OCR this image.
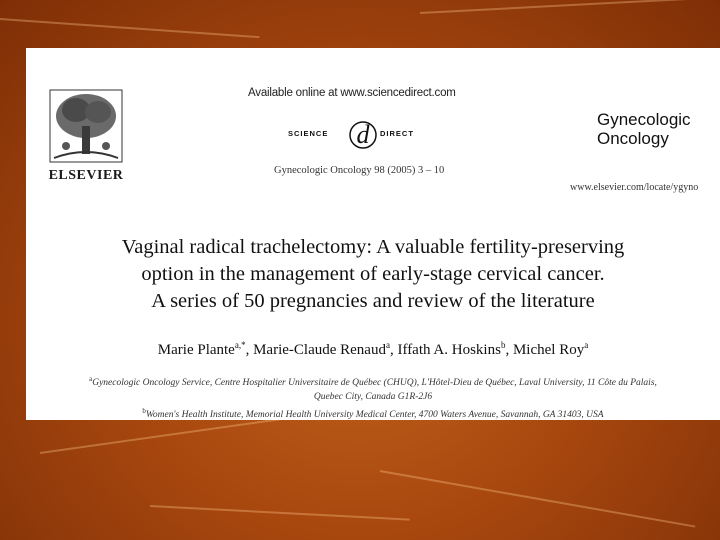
ELSEVIER
Available online at www.sciencedirect.com
SCIENCE d DIRECT
Gynecologic Oncology 98 (2005) 3 – 10
Gynecologic
Oncology
www.elsevier.com/locate/ygyno
Vaginal radical trachelectomy: A valuable fertility-preserving
option in the management of early-stage cervical cancer.
A series of 50 pregnancies and review of the literature
Marie Plante$^{a,*}$, Marie-Claude Renaud$^a$, Iffath A. Hoskins$^b$, Michel Roy$^a$
$^a$Gynecologic Oncology Service, Centre Hospitalier Universitaire de Québec (CHUQ), L'Hôtel-Dieu de Québec, Laval University, 11 Côte du Palais,
Quebec City, Canada G1R-2J6
$^b$Women's Health Institute, Memorial Health University Medical Center, 4700 Waters Avenue, Savannah, GA 31403, USA
